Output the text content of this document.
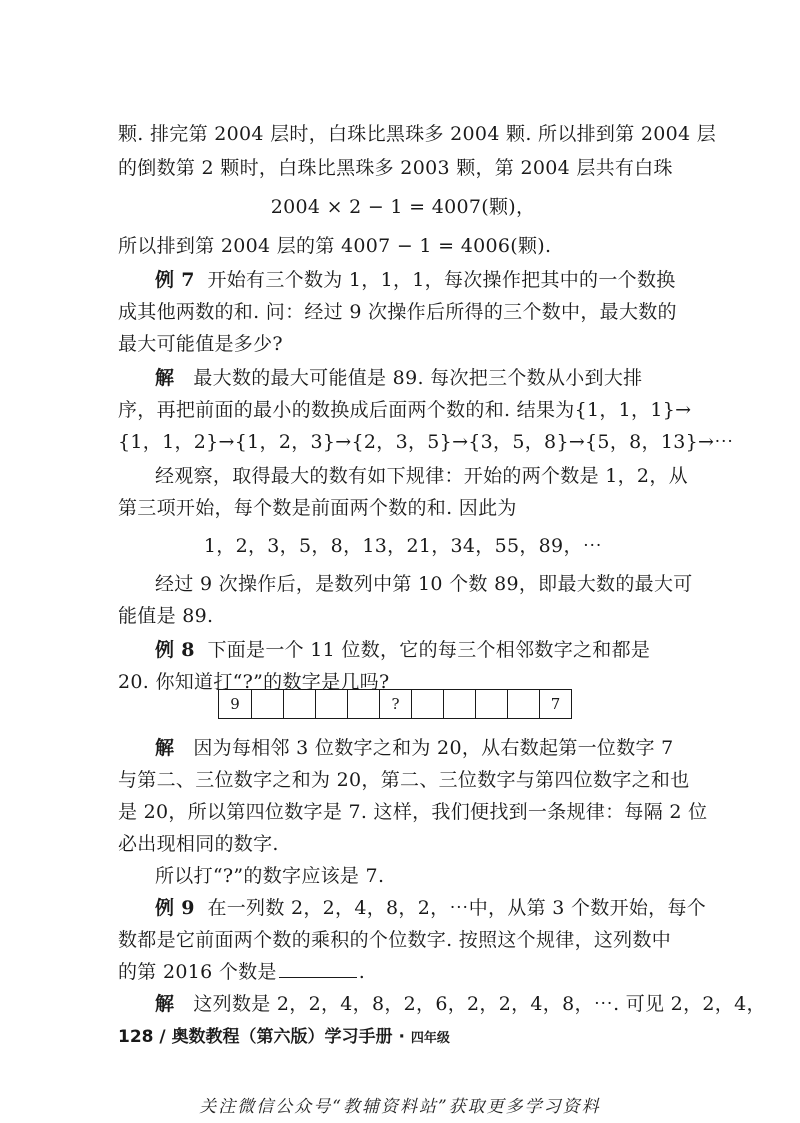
颗. 排完第 2004 层时，白珠比黑珠多 2004 颗. 所以排到第 2004 层
的倒数第 2 颗时，白珠比黑珠多 2003 颗，第 2004 层共有白珠
2004 × 2 − 1 = 4007(颗)，
所以排到第 2004 层的第 4007 − 1 = 4006(颗).
例 7 开始有三个数为 1，1，1，每次操作把其中的一个数换
成其他两数的和. 问：经过 9 次操作后所得的三个数中，最大数的
最大可能值是多少?
解 最大数的最大可能值是 89. 每次把三个数从小到大排
序，再把前面的最小的数换成后面两个数的和. 结果为{1，1，1}→
{1，1，2}→{1，2，3}→{2，3，5}→{3，5，8}→{5，8，13}→⋯
经观察，取得最大的数有如下规律：开始的两个数是 1，2，从
第三项开始，每个数是前面两个数的和. 因此为
1，2，3，5，8，13，21，34，55，89，⋯
经过 9 次操作后，是数列中第 10 个数 89，即最大数的最大可
能值是 89.
例 8 下面是一个 11 位数，它的每三个相邻数字之和都是
20. 你知道打“?”的数字是几吗?
9	?	7
解 因为每相邻 3 位数字之和为 20，从右数起第一位数字 7
与第二、三位数字之和为 20，第二、三位数字与第四位数字之和也
是 20，所以第四位数字是 7. 这样，我们便找到一条规律：每隔 2 位
必出现相同的数字.
所以打“?”的数字应该是 7.
例 9 在一列数 2，2，4，8，2，⋯中，从第 3 个数开始，每个
数都是它前面两个数的乘积的个位数字. 按照这个规律，这列数中
的第 2016 个数是	.
解 这列数是 2，2，4，8，2，6，2，2，4，8，⋯. 可见 2，2，4，
128 / 奥数教程（第六版）学习手册 · 四年级
关注微信公众号“教辅资料站”获取更多学习资料
